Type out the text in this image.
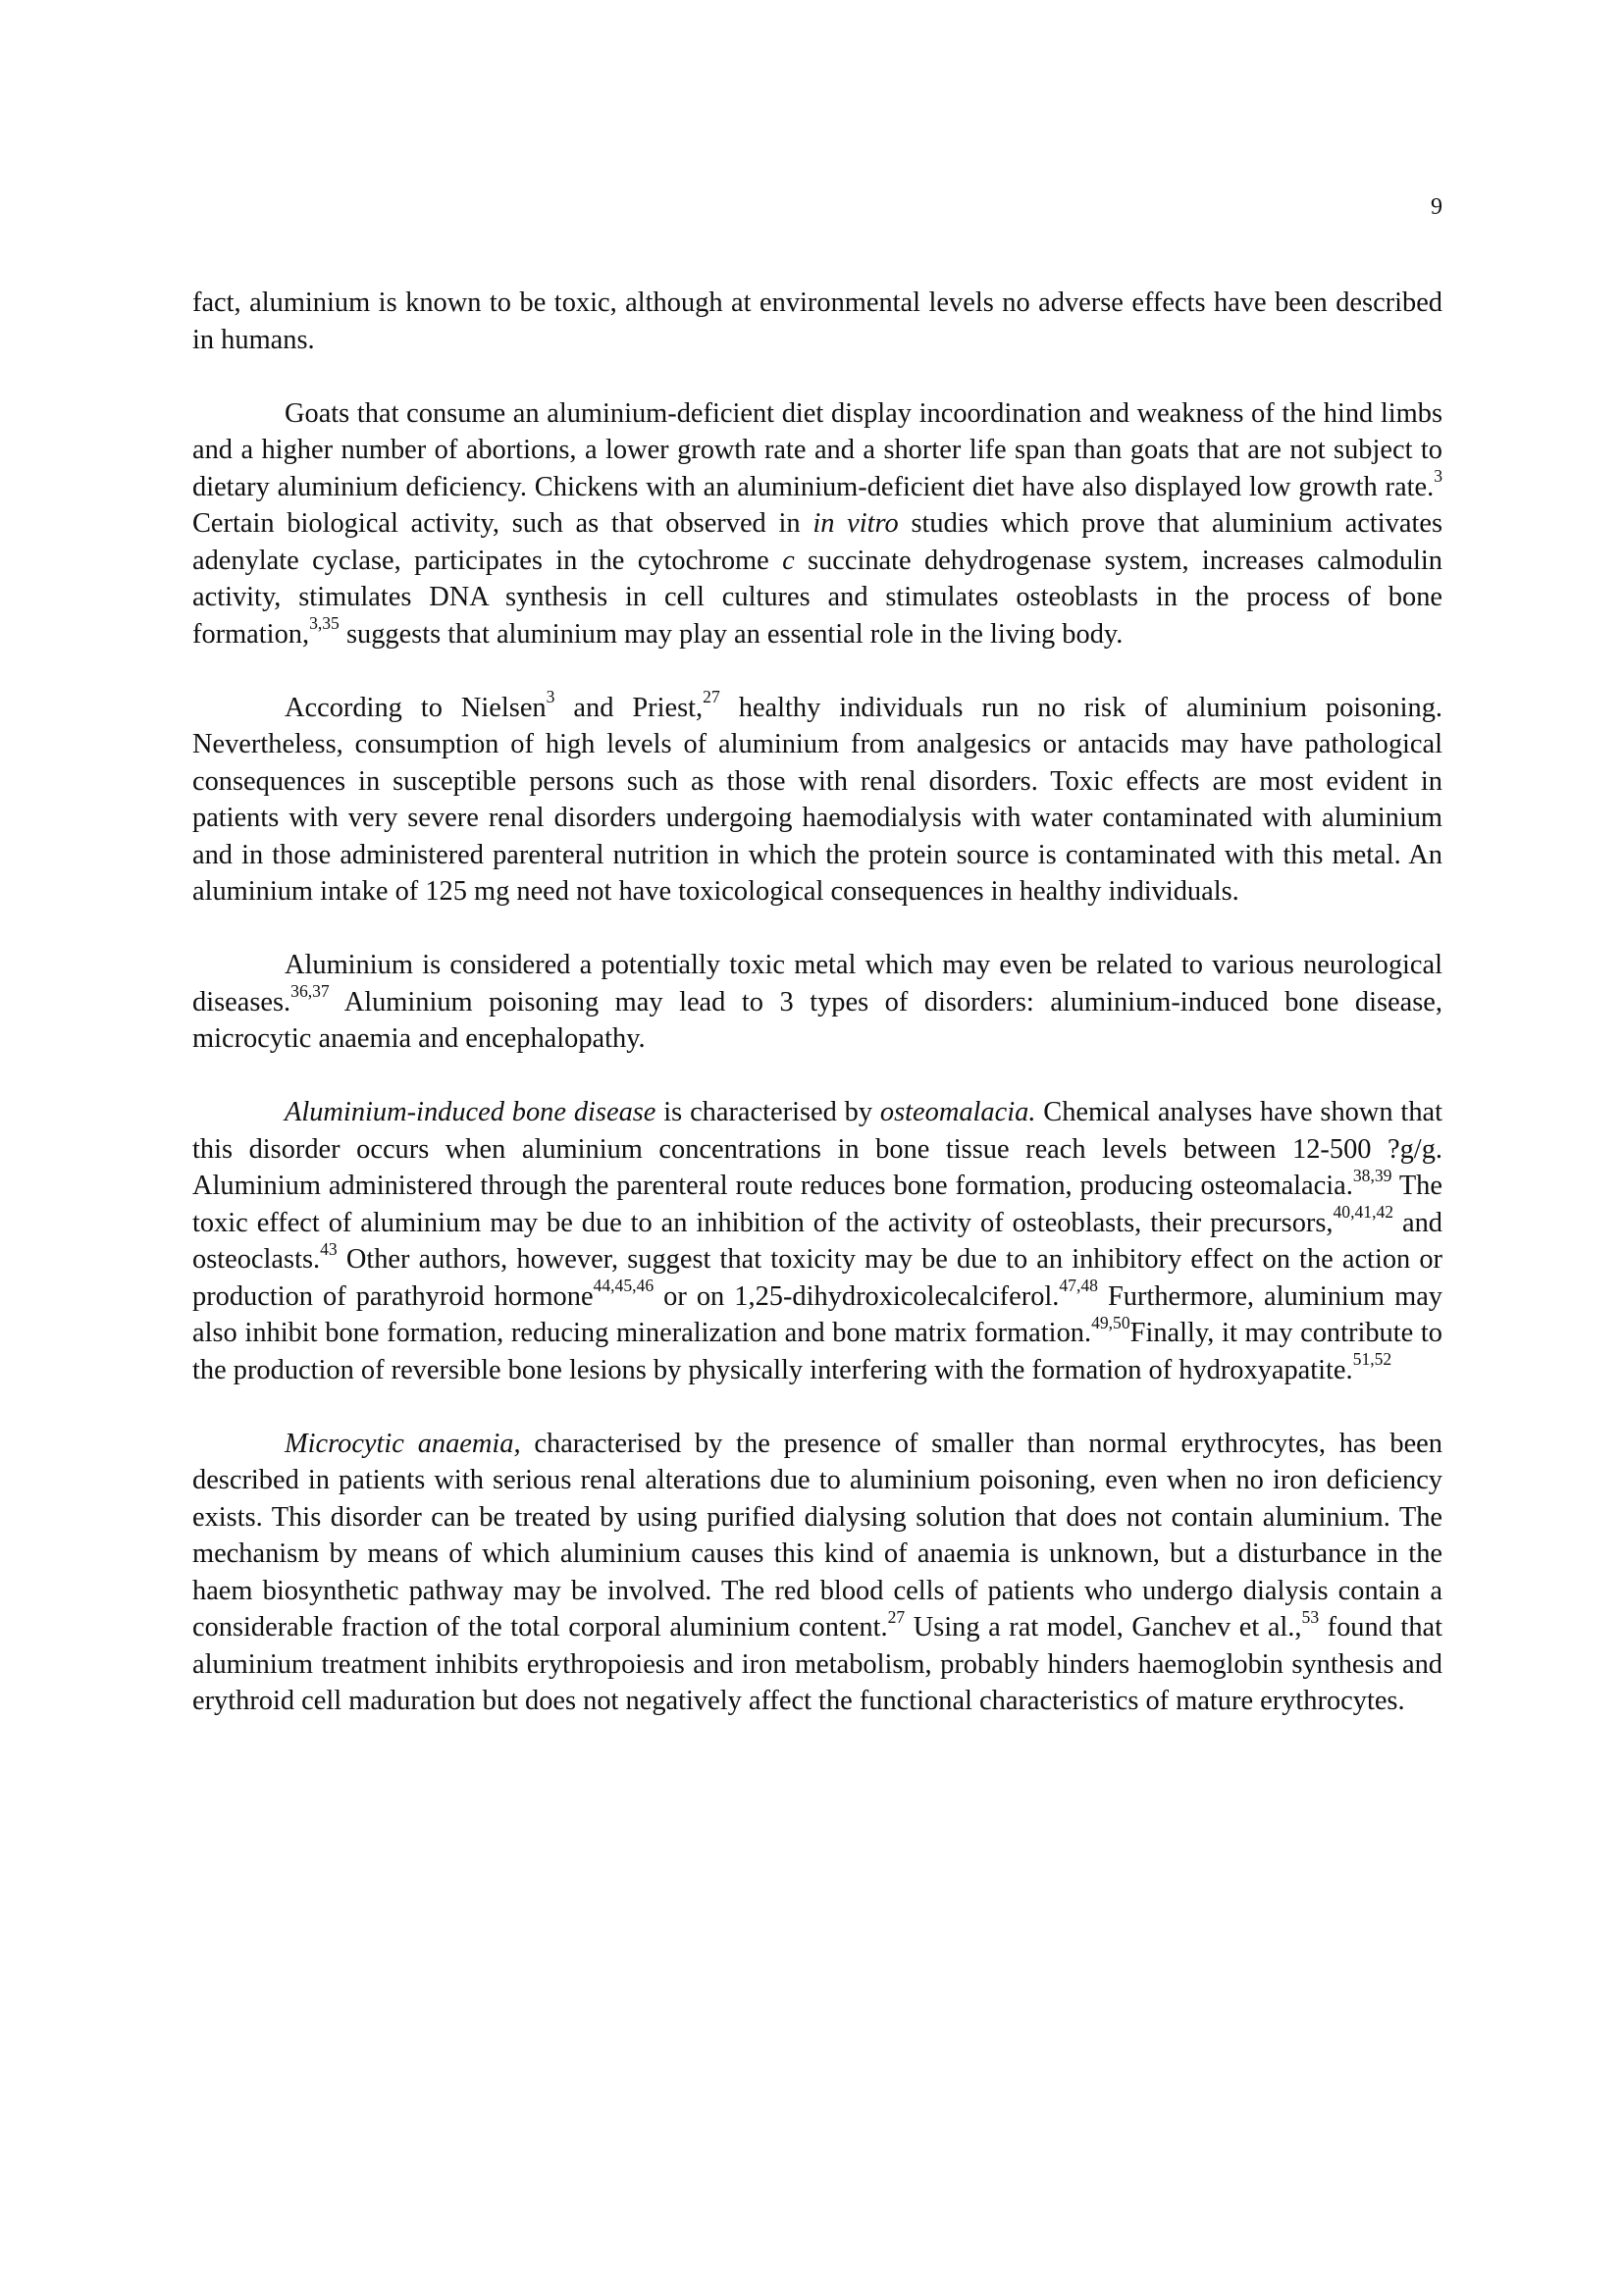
9

fact, aluminium is known to be toxic, although at environmental levels no adverse effects have been described in humans.

Goats that consume an aluminium-deficient diet display incoordination and weakness of the hind limbs and a higher number of abortions, a lower growth rate and a shorter life span than goats that are not subject to dietary aluminium deficiency. Chickens with an aluminium-deficient diet have also displayed low growth rate.$^3$ Certain biological activity, such as that observed in in vitro studies which prove that aluminium activates adenylate cyclase, participates in the cytochrome c succinate dehydrogenase system, increases calmodulin activity, stimulates DNA synthesis in cell cultures and stimulates osteoblasts in the process of bone formation,$^{3,35}$ suggests that aluminium may play an essential role in the living body.

According to Nielsen$^3$ and Priest,$^{27}$ healthy individuals run no risk of aluminium poisoning. Nevertheless, consumption of high levels of aluminium from analgesics or antacids may have pathological consequences in susceptible persons such as those with renal disorders. Toxic effects are most evident in patients with very severe renal disorders undergoing haemodialysis with water contaminated with aluminium and in those administered parenteral nutrition in which the protein source is contaminated with this metal. An aluminium intake of 125 mg need not have toxicological consequences in healthy individuals.

Aluminium is considered a potentially toxic metal which may even be related to various neurological diseases.$^{36,37}$ Aluminium poisoning may lead to 3 types of disorders: aluminium-induced bone disease, microcytic anaemia and encephalopathy.

Aluminium-induced bone disease is characterised by osteomalacia. Chemical analyses have shown that this disorder occurs when aluminium concentrations in bone tissue reach levels between 12-500 ?g/g. Aluminium administered through the parenteral route reduces bone formation, producing osteomalacia.$^{38,39}$ The toxic effect of aluminium may be due to an inhibition of the activity of osteoblasts, their precursors,$^{40,41,42}$ and osteoclasts.$^{43}$ Other authors, however, suggest that toxicity may be due to an inhibitory effect on the action or production of parathyroid hormone$^{44,45,46}$ or on 1,25-dihydroxicolecalciferol.$^{47,48}$ Furthermore, aluminium may also inhibit bone formation, reducing mineralization and bone matrix formation.$^{49,50}$Finally, it may contribute to the production of reversible bone lesions by physically interfering with the formation of hydroxyapatite.$^{51,52}$

Microcytic anaemia, characterised by the presence of smaller than normal erythrocytes, has been described in patients with serious renal alterations due to aluminium poisoning, even when no iron deficiency exists. This disorder can be treated by using purified dialysing solution that does not contain aluminium. The mechanism by means of which aluminium causes this kind of anaemia is unknown, but a disturbance in the haem biosynthetic pathway may be involved. The red blood cells of patients who undergo dialysis contain a considerable fraction of the total corporal aluminium content.$^{27}$ Using a rat model, Ganchev et al.,$^{53}$ found that aluminium treatment inhibits erythropoiesis and iron metabolism, probably hinders haemoglobin synthesis and erythroid cell maduration but does not negatively affect the functional characteristics of mature erythrocytes.
